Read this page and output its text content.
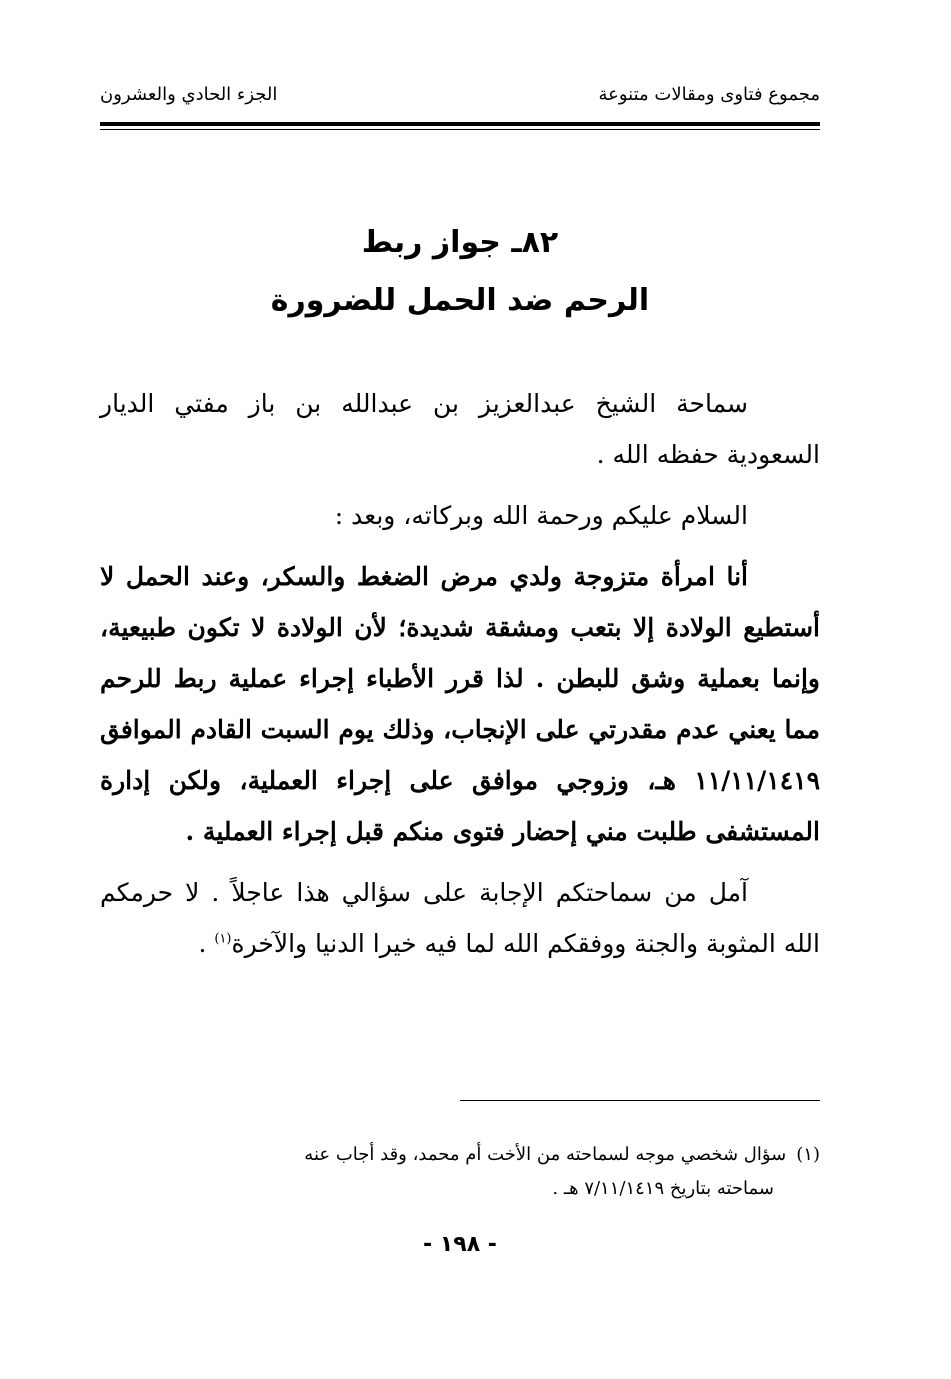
مجموع فتاوى ومقالات متنوعة
الجزء الحادي والعشرون
٨٢ـ جواز ربط
الرحم ضد الحمل للضرورة

سماحة الشيخ عبدالعزيز بن عبدالله بن باز مفتي الديار السعودية حفظه الله .

السلام عليكم ورحمة الله وبركاته، وبعد :

أنا امرأة متزوجة ولدي مرض الضغط والسكر، وعند الحمل لا أستطيع الولادة إلا بتعب ومشقة شديدة؛ لأن الولادة لا تكون طبيعية، وإنما بعملية وشق للبطن . لذا قرر الأطباء إجراء عملية ربط للرحم مما يعني عدم مقدرتي على الإنجاب، وذلك يوم السبت القادم الموافق ١١/١١/١٤١٩ هـ، وزوجي موافق على إجراء العملية، ولكن إدارة المستشفى طلبت مني إحضار فتوى منكم قبل إجراء العملية .

آمل من سماحتكم الإجابة على سؤالي هذا عاجلاً . لا حرمكم الله المثوبة والجنة ووفقكم الله لما فيه خيرا الدنيا والآخرة$^{(١)}$ .

(١)سؤال شخصي موجه لسماحته من الأخت أم محمد، وقد أجاب عنه
سماحته بتاريخ ٧/١١/١٤١٩ هـ .
- ١٩٨ -
